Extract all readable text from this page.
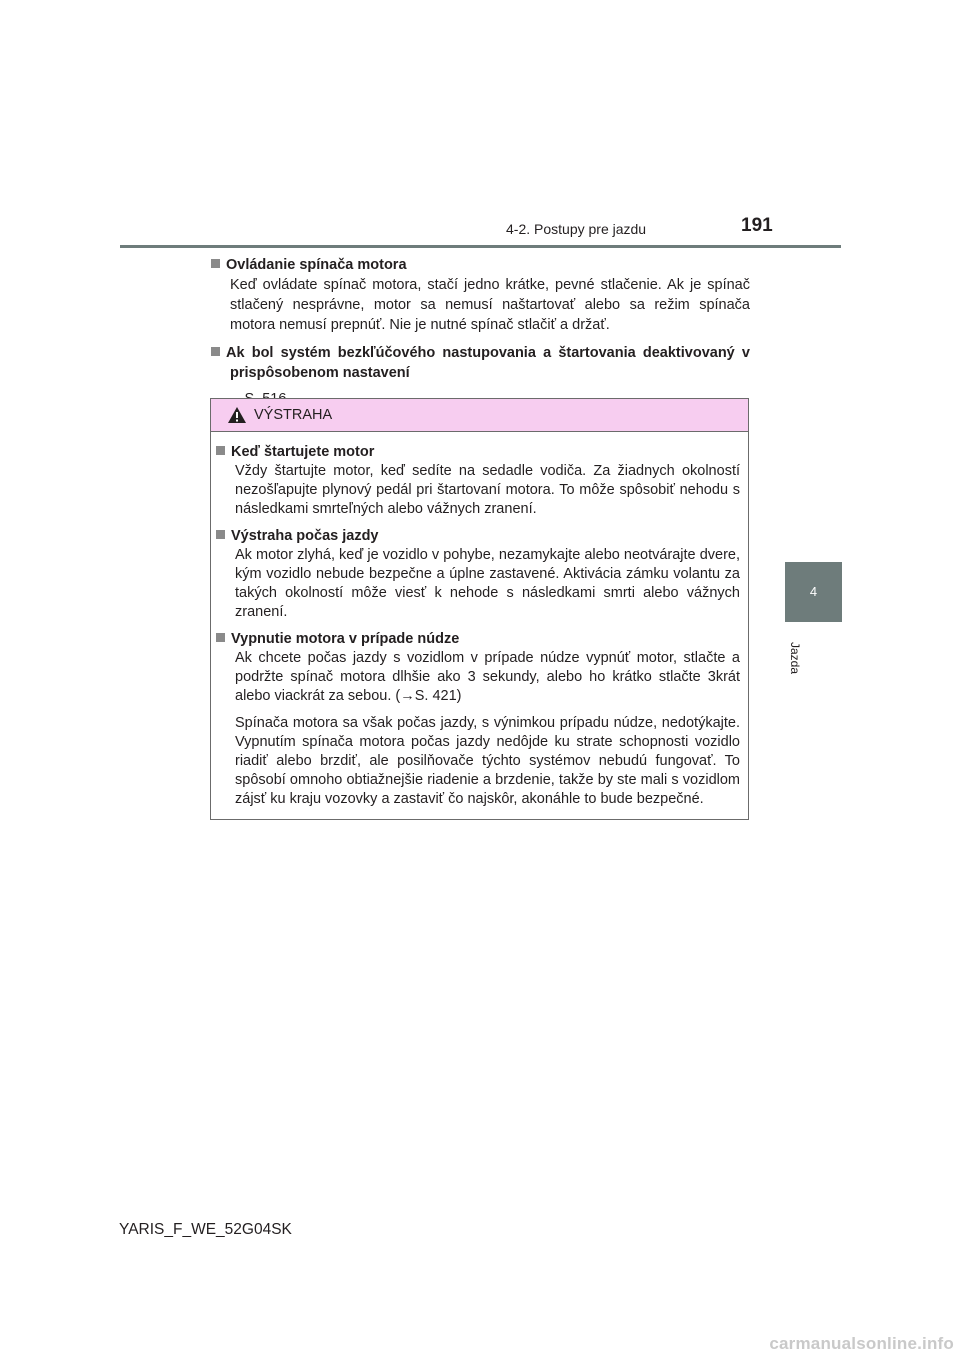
4-2. Postupy pre jazdu	191
4
Jazda
Ovládanie spínača motora
Keď ovládate spínač motora, stačí jedno krátke, pevné stlačenie. Ak je spínač stlačený nesprávne, motor sa nemusí naštartovať alebo sa režim spínača motora nemusí prepnúť. Nie je nutné spínač stlačiť a držať.
Ak bol systém bezkľúčového nastupovania a štartovania deaktivovaný v prispôsobenom nastavení
VÝSTRAHA
Keď štartujete motor

Vždy štartujte motor, keď sedíte na sedadle vodiča. Za žiadnych okolností nezošľapujte plynový pedál pri štartovaní motora. To môže spôsobiť nehodu s následkami smrteľných alebo vážnych zranení.

Výstraha počas jazdy

Ak motor zlyhá, keď je vozidlo v pohybe, nezamykajte alebo neotvárajte dvere, kým vozidlo nebude bezpečne a úplne zastavené. Aktivácia zámku volantu za takých okolností môže viesť k nehode s následkami smrti alebo vážnych zranení.

Vypnutie motora v prípade núdze

Ak chcete počas jazdy s vozidlom v prípade núdze vypnúť motor, stlačte a podržte spínač motora dlhšie ako 3 sekundy, alebo ho krátko stlačte 3krát alebo viackrát za sebou. (→S. 421)

Spínača motora sa však počas jazdy, s výnimkou prípadu núdze, nedotýkajte. Vypnutím spínača motora počas jazdy nedôjde ku strate schopnosti vozidlo riadiť alebo brzdiť, ale posilňovače týchto systémov nebudú fungovať. To spôsobí omnoho obtiažnejšie riadenie a brzdenie, takže by ste mali s vozidlom zájsť ku kraju vozovky a zastaviť čo najskôr, akonáhle to bude bezpečné.

YARIS_F_WE_52G04SK
carmanualsonline.info
